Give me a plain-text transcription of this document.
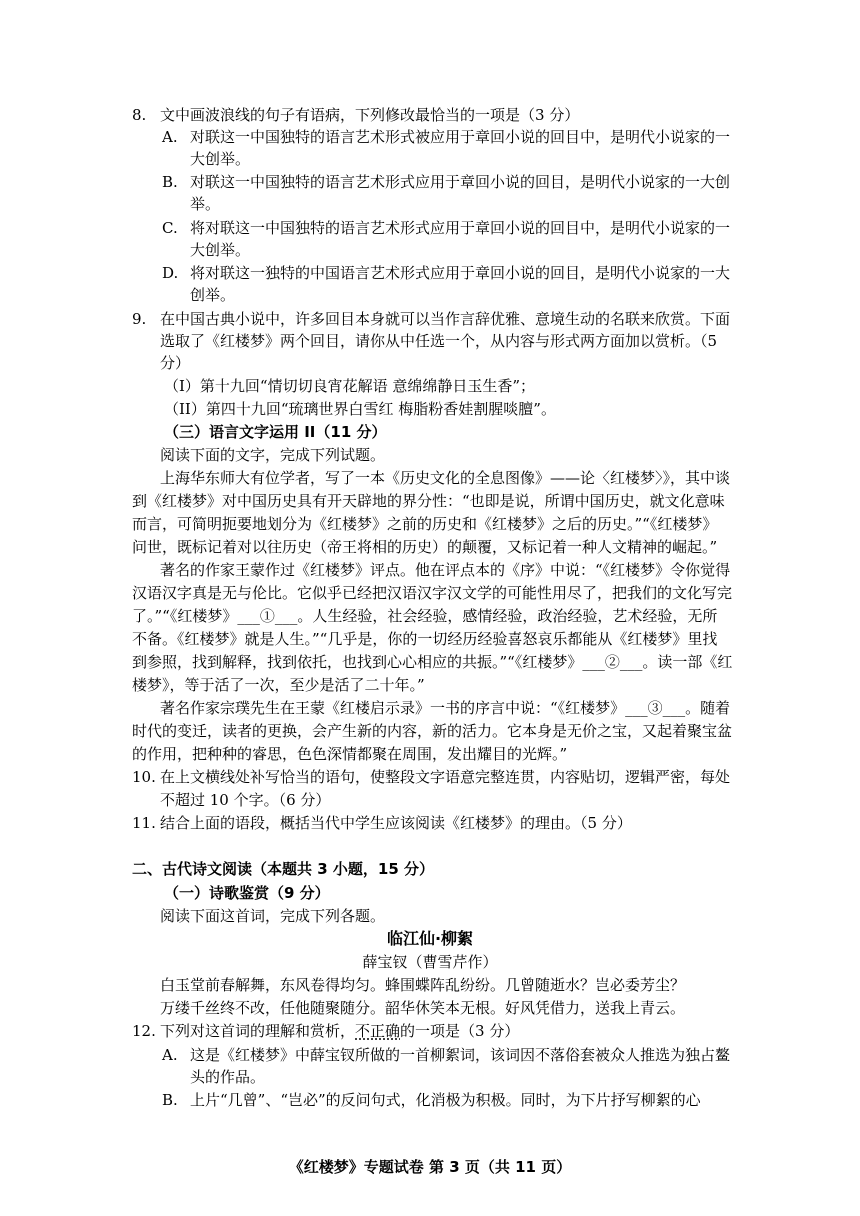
8. 文中画波浪线的句子有语病，下列修改最恰当的一项是（3 分）
A. 对联这一中国独特的语言艺术形式被应用于章回小说的回目中，是明代小说家的一
大创举。
B. 对联这一中国独特的语言艺术形式应用于章回小说的回目，是明代小说家的一大创
举。
C. 将对联这一中国独特的语言艺术形式应用于章回小说的回目中，是明代小说家的一
大创举。
D. 将对联这一独特的中国语言艺术形式应用于章回小说的回目，是明代小说家的一大
创举。
9. 在中国古典小说中，许多回目本身就可以当作言辞优雅、意境生动的名联来欣赏。下面
选取了《红楼梦》两个回目，请你从中任选一个，从内容与形式两方面加以赏析。（5
分）
（I）第十九回“情切切良宵花解语 意绵绵静日玉生香”；
（II）第四十九回“琉璃世界白雪红 梅脂粉香娃割腥啖膻”。
（三）语言文字运用 II（11 分）
阅读下面的文字，完成下列试题。
上海华东师大有位学者，写了一本《历史文化的全息图像》——论〈红楼梦〉》，其中谈
到《红楼梦》对中国历史具有开天辟地的界分性：“也即是说，所谓中国历史，就文化意味
而言，可简明扼要地划分为《红楼梦》之前的历史和《红楼梦》之后的历史。”“《红楼梦》
问世，既标记着对以往历史（帝王将相的历史）的颠覆，又标记着一种人文精神的崛起。”
著名的作家王蒙作过《红楼梦》评点。他在评点本的《序》中说：“《红楼梦》令你觉得
汉语汉字真是无与伦比。它似乎已经把汉语汉字汉文学的可能性用尽了，把我们的文化写完
了。”“《红楼梦》___①___。人生经验，社会经验，感情经验，政治经验，艺术经验，无所
不备。《红楼梦》就是人生。”“几乎是，你的一切经历经验喜怒哀乐都能从《红楼梦》里找
到参照，找到解释，找到依托，也找到心心相应的共振。”“《红楼梦》___②___。读一部《红
楼梦》，等于活了一次，至少是活了二十年。”
著名作家宗璞先生在王蒙《红楼启示录》一书的序言中说：“《红楼梦》___③___。随着
时代的变迁，读者的更换，会产生新的内容，新的活力。它本身是无价之宝，又起着聚宝盆
的作用，把种种的睿思，色色深情都聚在周围，发出耀目的光辉。”
10. 在上文横线处补写恰当的语句，使整段文字语意完整连贯，内容贴切，逻辑严密，每处
不超过 10 个字。（6 分）
11. 结合上面的语段，概括当代中学生应该阅读《红楼梦》的理由。（5 分）
二、古代诗文阅读（本题共 3 小题，15 分）
（一）诗歌鉴赏（9 分）
阅读下面这首词，完成下列各题。
临江仙·柳絮
薛宝钗（曹雪芹作）
白玉堂前春解舞，东风卷得均匀。蜂围蝶阵乱纷纷。几曾随逝水？岂必委芳尘？
万缕千丝终不改，任他随聚随分。韶华休笑本无根。好风凭借力，送我上青云。
12. 下列对这首词的理解和赏析，不正确的一项是（3 分）
A. 这是《红楼梦》中薛宝钗所做的一首柳絮词，该词因不落俗套被众人推选为独占鳌
头的作品。
B. 上片“几曾”、“岂必”的反问句式，化消极为积极。同时，为下片抒写柳絮的心
《红楼梦》专题试卷 第 3 页（共 11 页）
